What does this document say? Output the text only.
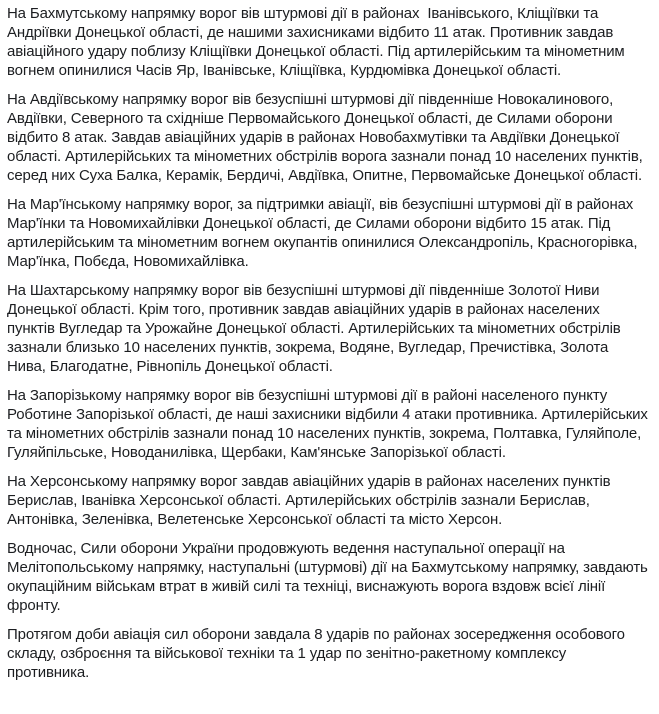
На Бахмутському напрямку ворог вів штурмові дії в районах  Іванівського, Кліщіївки та Андріївки Донецької області, де нашими захисниками відбито 11 атак. Противник завдав авіаційного удару поблизу Кліщіївки Донецької області. Під артилерійським та мінометним вогнем опинилися Часів Яр, Іванівське, Кліщіївка, Курдюмівка Донецької області.

На Авдіївському напрямку ворог вів безуспішні штурмові дії південніше Новокалинового, Авдіївки, Северного та східніше Первомайського Донецької області, де Силами оборони відбито 8 атак. Завдав авіаційних ударів в районах Новобахмутівки та Авдіївки Донецької області. Артилерійських та мінометних обстрілів ворога зазнали понад 10 населених пунктів, серед них Суха Балка, Керамік, Бердичі, Авдіївка, Опитне, Первомайське Донецької області.

На Мар'їнському напрямку ворог, за підтримки авіації, вів безуспішні штурмові дії в районах Мар'їнки та Новомихайлівки Донецької області, де Силами оборони відбито 15 атак. Під артилерійським та мінометним вогнем окупантів опинилися Олександропіль, Красногорівка, Мар'їнка, Побєда, Новомихайлівка.

На Шахтарському напрямку ворог вів безуспішні штурмові дії південніше Золотої Ниви Донецької області. Крім того, противник завдав авіаційних ударів в районах населених пунктів Вугледар та Урожайне Донецької області. Артилерійських та мінометних обстрілів зазнали близько 10 населених пунктів, зокрема, Водяне, Вугледар, Пречистівка, Золота Нива, Благодатне, Рівнопіль Донецької області.

На Запорізькому напрямку ворог вів безуспішні штурмові дії в районі населеного пункту Роботине Запорізької області, де наші захисники відбили 4 атаки противника. Артилерійських та мінометних обстрілів зазнали понад 10 населених пунктів, зокрема, Полтавка, Гуляйполе, Гуляйпільське, Новоданилівка, Щербаки, Кам'янське Запорізької області.

На Херсонському напрямку ворог завдав авіаційних ударів в районах населених пунктів Берислав, Іванівка Херсонської області. Артилерійських обстрілів зазнали Берислав, Антонівка, Зеленівка, Велетенське Херсонської області та місто Херсон.

Водночас, Сили оборони України продовжують ведення наступальної операції на Мелітопольському напрямку, наступальні (штурмові) дії на Бахмутському напрямку, завдають окупаційним військам втрат в живій силі та техніці, виснажують ворога вздовж всієї лінії фронту.

Протягом доби авіація сил оборони завдала 8 ударів по районах зосередження особового складу, озброєння та військової техніки та 1 удар по зенітно-ракетному комплексу противника.
